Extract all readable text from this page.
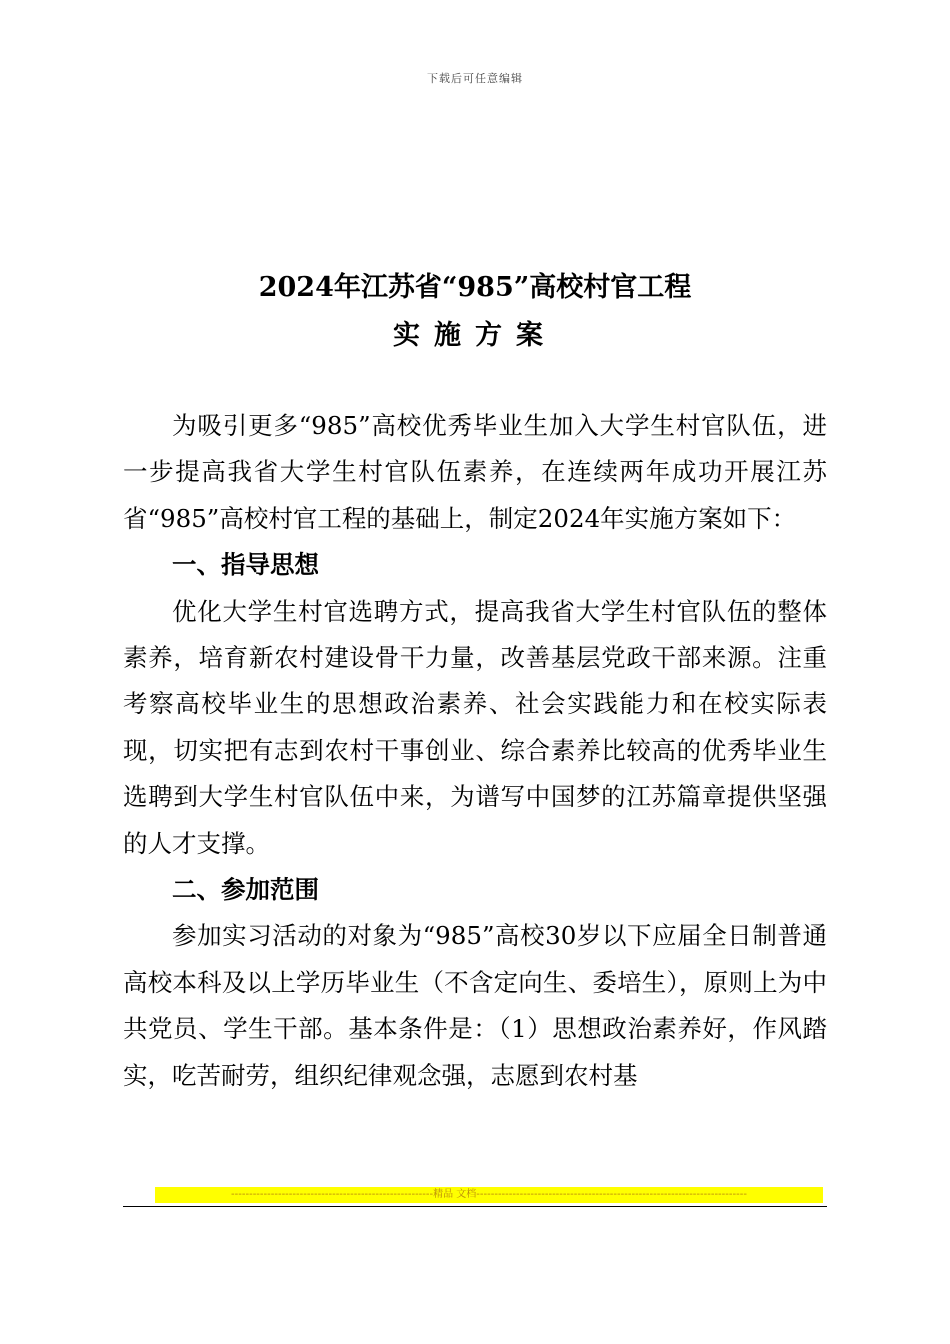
下载后可任意编辑
2024年江苏省“985”高校村官工程
实施方案

为吸引更多“985”高校优秀毕业生加入大学生村官队伍，进一步提高我省大学生村官队伍素养，在连续两年成功开展江苏省“985”高校村官工程的基础上，制定2024年实施方案如下：

一、指导思想

优化大学生村官选聘方式，提高我省大学生村官队伍的整体素养，培育新农村建设骨干力量，改善基层党政干部来源。注重考察高校毕业生的思想政治素养、社会实践能力和在校实际表现，切实把有志到农村干事创业、综合素养比较高的优秀毕业生选聘到大学生村官队伍中来，为谱写中国梦的江苏篇章提供坚强的人才支撑。

二、参加范围

参加实习活动的对象为“985”高校30岁以下应届全日制普通高校本科及以上学历毕业生（不含定向生、委培生），原则上为中共党员、学生干部。基本条件是：（1）思想政治素养好，作风踏实，吃苦耐劳，组织纪律观念强，志愿到农村基

--------------------------------------------------------精品 文档---------------------------------------------------------------------------
